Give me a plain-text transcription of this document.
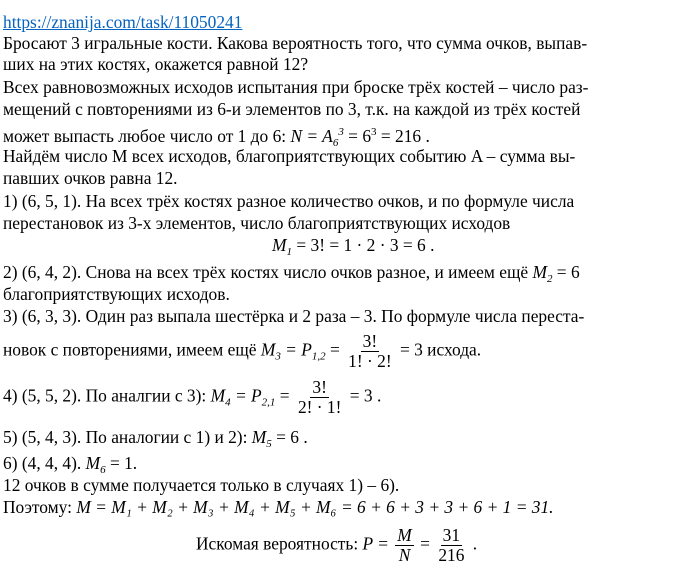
https://znanija.com/task/11050241
Бросают 3 игральные кости. Какова вероятность того, что сумма очков, выпав-
ших на этих костях, окажется равной 12?
Всех равновозможных исходов испытания при броске трёх костей – число раз-
мещений с повторениями из 6-и элементов по 3, т.к. на каждой из трёх костей
может выпасть любое число от 1 до 6: $N = A_6^3 = 6^3 = 216$ .
Найдём число M всех исходов, благоприятствующих событию A – сумма вы-
павших очков равна 12.
1) (6, 5, 1). На всех трёх костях разное количество очков, и по формуле числа
перестановок из 3-х элементов, число благоприятствующих исходов
$M_1 = 3$! = 1 · 2 · 3 = 6 .
2) (6, 4, 2). Снова на всех трёх костях число очков разное, и имеем ещё $M_2 = 6$
благоприятствующих исходов.
3) (6, 3, 3). Один раз выпала шестёрка и 2 раза – 3. По формуле числа переста-
новок с повторениями, имеем ещё $M_3 = P_{1,2} = \frac{3!}{1! \cdot 2!} = 3$ исхода.
4) (5, 5, 2). По аналгии с 3): $M_4 = P_{2,1} = \frac{3!}{2! \cdot 1!} = 3$ .
5) (5, 4, 3). По аналогии с 1) и 2): $M_5 = 6$ .
6) (4, 4, 4). $M_6 = 1$.
12 очков в сумме получается только в случаях 1) – 6).
Поэтому: M = M₁ + M₂ + M₃ + M₄ + M₅ + M₆ = 6 + 6 + 3 + 3 + 6 + 1 = 31.
Искомая вероятность: $P = \frac{M}{N} = \frac{31}{216}$ .
